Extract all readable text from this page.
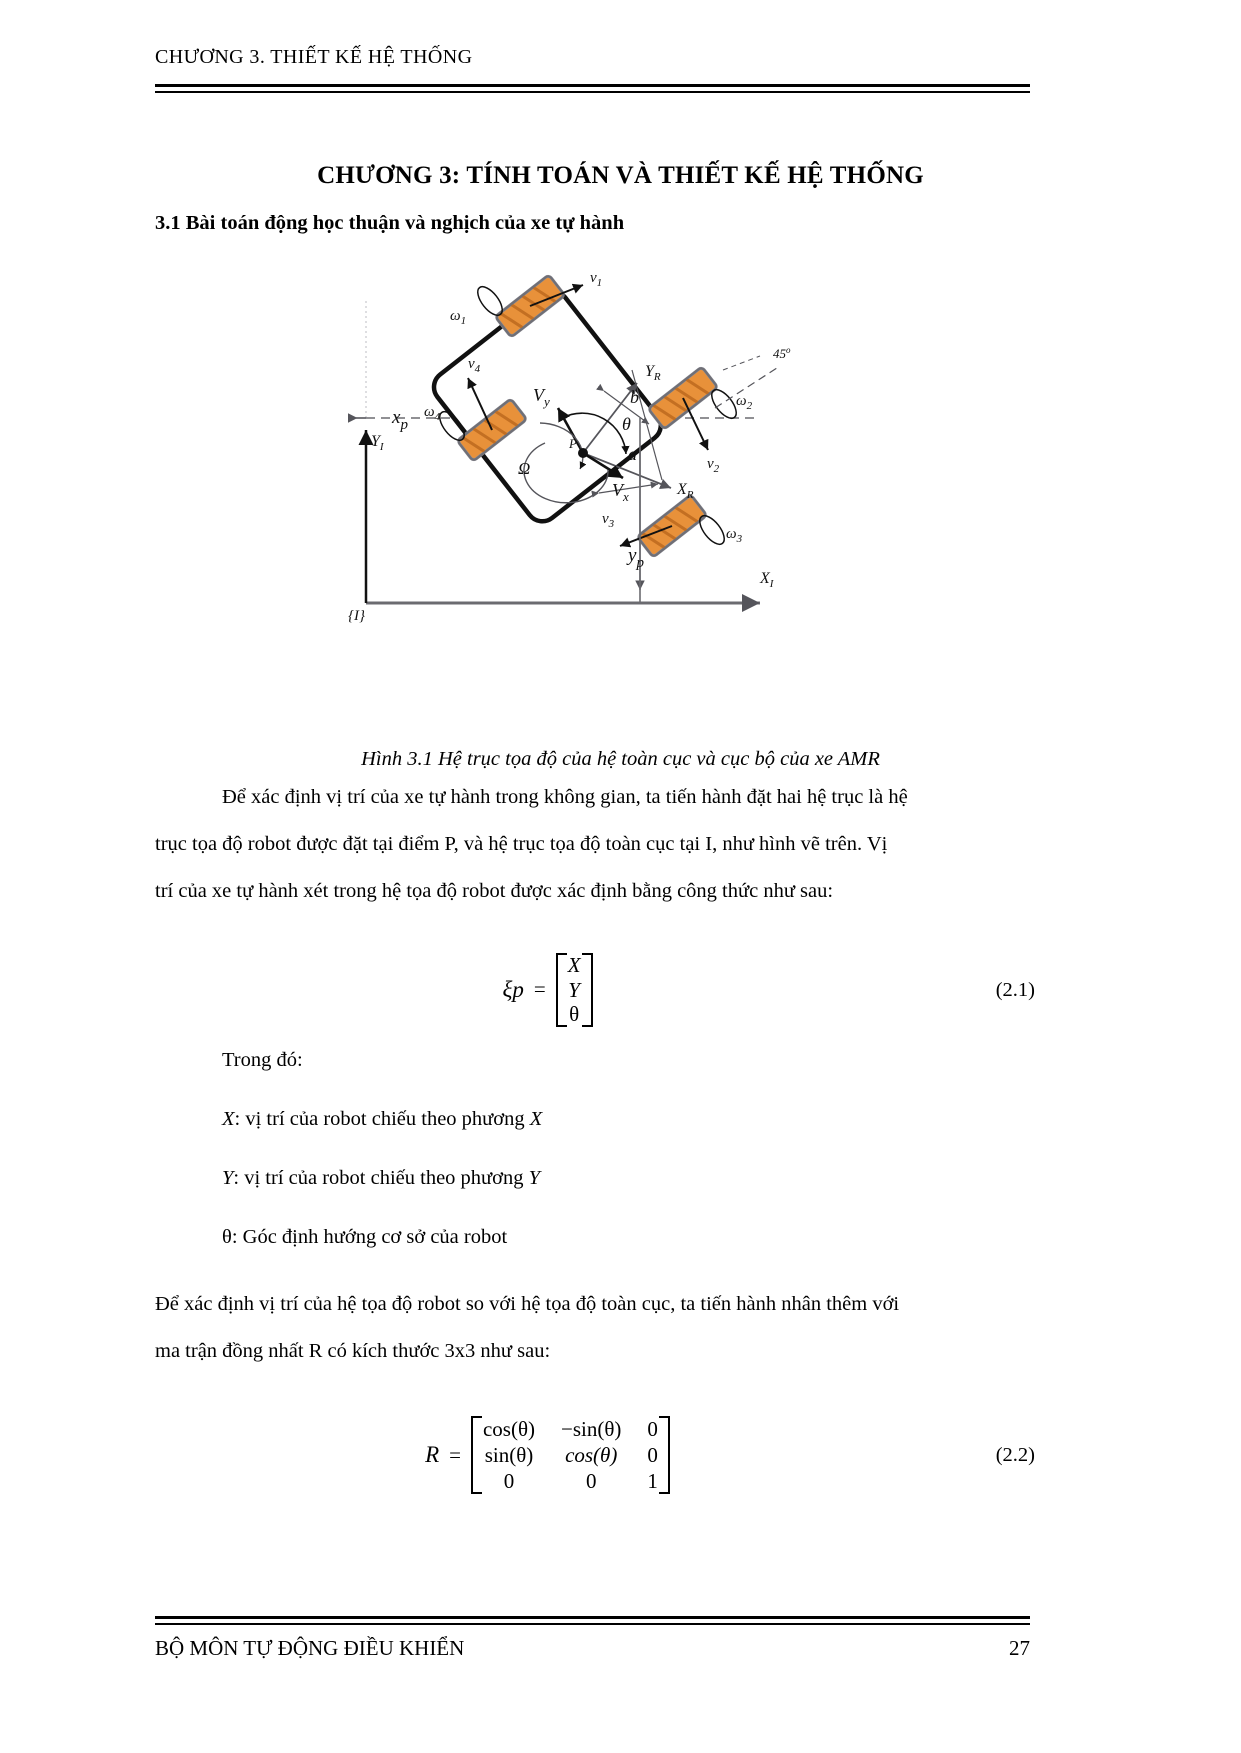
CHƯƠNG 3. THIẾT KẾ HỆ THỐNG
CHƯƠNG 3: TÍNH TOÁN VÀ THIẾT KẾ HỆ THỐNG
3.1 Bài toán động học thuận và nghịch của xe tự hành
$\omega_1$
$\omega_2$
$\omega_3$
$\omega_4$
$v_1$
$v_2$
$v_3$
$v_4$
$V_y$
$V_x$
θ
Ω
P
b
a
$Y_R$
$X_R$
$Y_I$
$X_I$
$x_p$
$y_p$
45$^o$
{I}
Hình 3.1 Hệ trục tọa độ của hệ toàn cục và cục bộ của xe AMR
Để xác định vị trí của xe tự hành trong không gian, ta tiến hành đặt hai hệ trục là hệ
trục tọa độ robot được đặt tại điểm P, và hệ trục tọa độ toàn cục tại I, như hình vẽ trên. Vị
trí của xe tự hành xét trong hệ tọa độ robot được xác định bằng công thức như sau:
ξp =
X
Y
θ
(2.1)
Trong đó:
X: vị trí của robot chiếu theo phương X
Y: vị trí của robot chiếu theo phương Y
θ: Góc định hướng cơ sở của robot
Để xác định vị trí của hệ tọa độ robot so với hệ tọa độ toàn cục, ta tiến hành nhân thêm với
ma trận đồng nhất R có kích thước 3x3 như sau:
R =
cos(θ) −sin(θ) 0
sin(θ) cos(θ) 0
0	0 1
(2.2)
BỘ MÔN TỰ ĐỘNG ĐIỀU KHIỂN	27
